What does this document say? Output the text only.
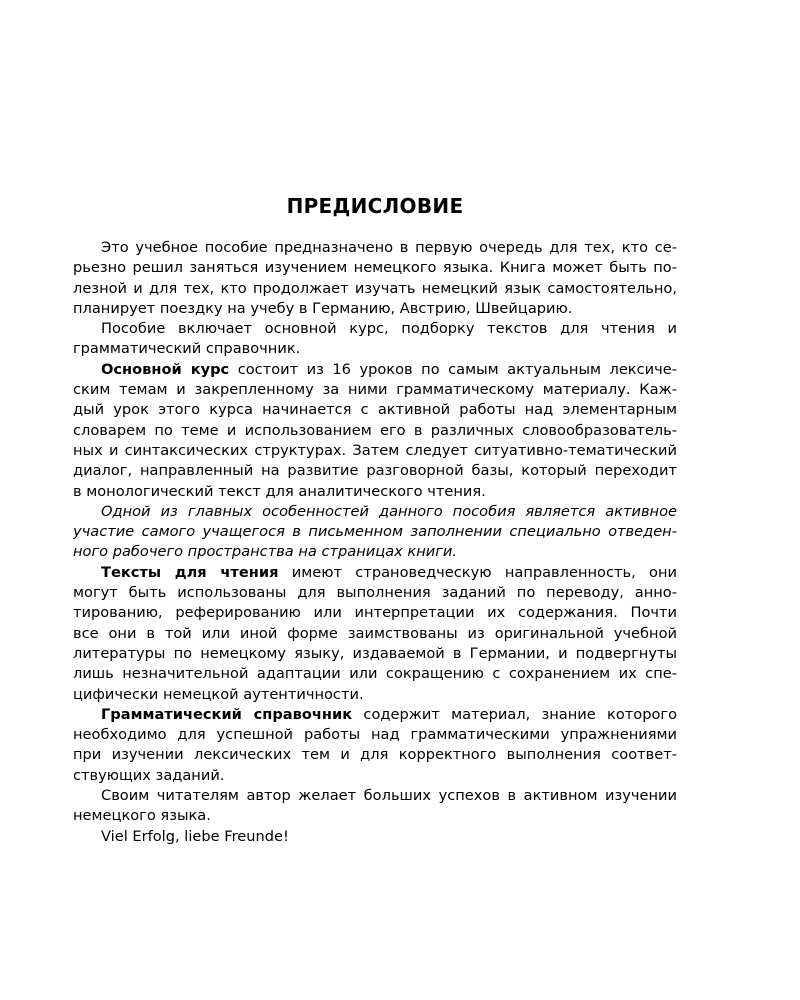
ПРЕДИСЛОВИЕ
Это учебное пособие предназначено в первую очередь для тех, кто се-
рьезно решил заняться изучением немецкого языка. Книга может быть по-
лезной и для тех, кто продолжает изучать немецкий язык самостоятельно,
планирует поездку на учебу в Германию, Австрию, Швейцарию.
Пособие включает основной курс, подборку текстов для чтения и
грамматический справочник.
Основной курс состоит из 16 уроков по самым актуальным лексиче-
ским темам и закрепленному за ними грамматическому материалу. Каж-
дый урок этого курса начинается с активной работы над элементарным
словарем по теме и использованием его в различных словообразователь-
ных и синтаксических структурах. Затем следует ситуативно-тематический
диалог, направленный на развитие разговорной базы, который переходит
в монологический текст для аналитического чтения.
Одной из главных особенностей данного пособия является активное
участие самого учащегося в письменном заполнении специально отведен-
ного рабочего пространства на страницах книги.
Тексты для чтения имеют страноведческую направленность, они
могут быть использованы для выполнения заданий по переводу, анно-
тированию, реферированию или интерпретации их содержания. Почти
все они в той или иной форме заимствованы из оригинальной учебной
литературы по немецкому языку, издаваемой в Германии, и подвергнуты
лишь незначительной адаптации или сокращению с сохранением их спе-
цифически немецкой аутентичности.
Грамматический справочник содержит материал, знание которого
необходимо для успешной работы над грамматическими упражнениями
при изучении лексических тем и для корректного выполнения соответ-
ствующих заданий.
Своим читателям автор желает больших успехов в активном изучении
немецкого языка.
Viel Erfolg, liebe Freunde!
